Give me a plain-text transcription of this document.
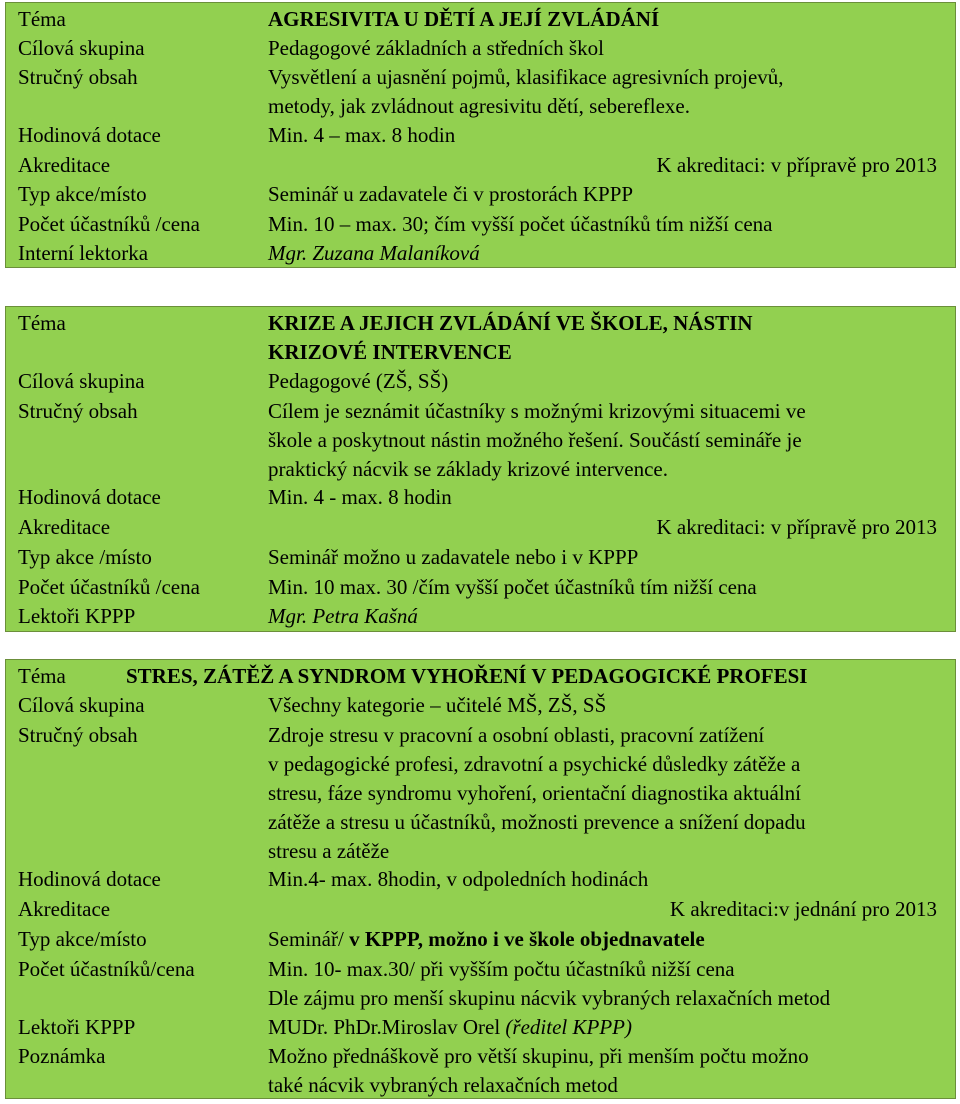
Téma	AGRESIVITA U DĚTÍ A JEJÍ ZVLÁDÁNÍ
Cílová skupina	Pedagogové základních a středních škol
Stručný obsah	Vysvětlení a ujasnění pojmů, klasifikace agresivních projevů,
metody, jak zvládnout agresivitu dětí, sebereflexe.
Hodinová dotace	Min. 4 – max. 8 hodin
Akreditace	K akreditaci: v přípravě pro 2013
Typ akce/místo	Seminář u zadavatele či v prostorách KPPP
Počet účastníků /cena	Min. 10 – max. 30; čím vyšší počet účastníků tím nižší cena
Interní lektorka	Mgr. Zuzana Malaníková
Téma	KRIZE A JEJICH ZVLÁDÁNÍ VE ŠKOLE, NÁSTIN
KRIZOVÉ INTERVENCE
Cílová skupina	Pedagogové (ZŠ, SŠ)
Stručný obsah	Cílem je seznámit účastníky s možnými krizovými situacemi ve
škole a poskytnout nástin možného řešení. Součástí semináře je
praktický nácvik se základy krizové intervence.
Hodinová dotace	Min. 4 - max. 8 hodin
Akreditace	K akreditaci: v přípravě pro 2013
Typ akce /místo	Seminář možno u zadavatele nebo i v KPPP
Počet účastníků /cena	Min. 10 max. 30 /čím vyšší počet účastníků tím nižší cena
Lektoři KPPP	Mgr. Petra Kašná
Téma	STRES, ZÁTĚŽ A SYNDROM VYHOŘENÍ V PEDAGOGICKÉ PROFESI
Cílová skupina	Všechny kategorie – učitelé MŠ, ZŠ, SŠ
Stručný obsah	Zdroje stresu v pracovní a osobní oblasti, pracovní zatížení
v pedagogické profesi, zdravotní a psychické důsledky zátěže a
stresu, fáze syndromu vyhoření, orientační diagnostika aktuální
zátěže a stresu u účastníků, možnosti prevence a snížení dopadu
stresu a zátěže
Hodinová dotace	Min.4- max. 8hodin, v odpoledních hodinách
Akreditace	K akreditaci:v jednání pro 2013
Typ akce/místo	Seminář/ v KPPP, možno i ve škole objednavatele
Počet účastníků/cena	Min. 10- max.30/ při vyšším počtu účastníků nižší cena
Dle zájmu pro menší skupinu nácvik vybraných relaxačních metod
Lektoři KPPP	MUDr. PhDr.Miroslav Orel (ředitel KPPP)
Poznámka	Možno přednáškově pro větší skupinu, při menším počtu možno
také nácvik vybraných relaxačních metod
